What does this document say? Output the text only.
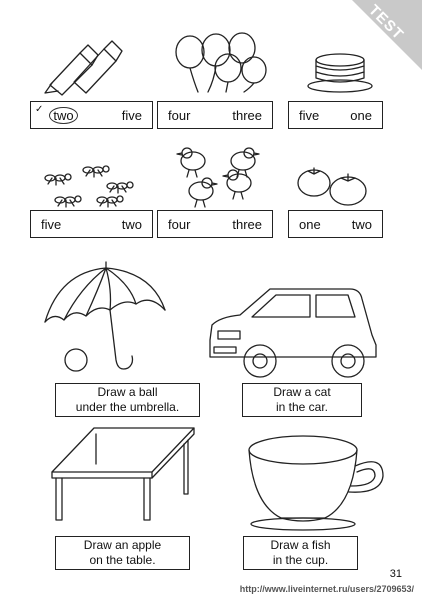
TEST
✓ two	five four	three	five one
five	two four	three	one two
Draw a ball
under the umbrella.
Draw a cat
in the car.
Draw an apple
on the table.
Draw a fish
in the cup.
31
http://www.liveinternet.ru/users/2709653/
